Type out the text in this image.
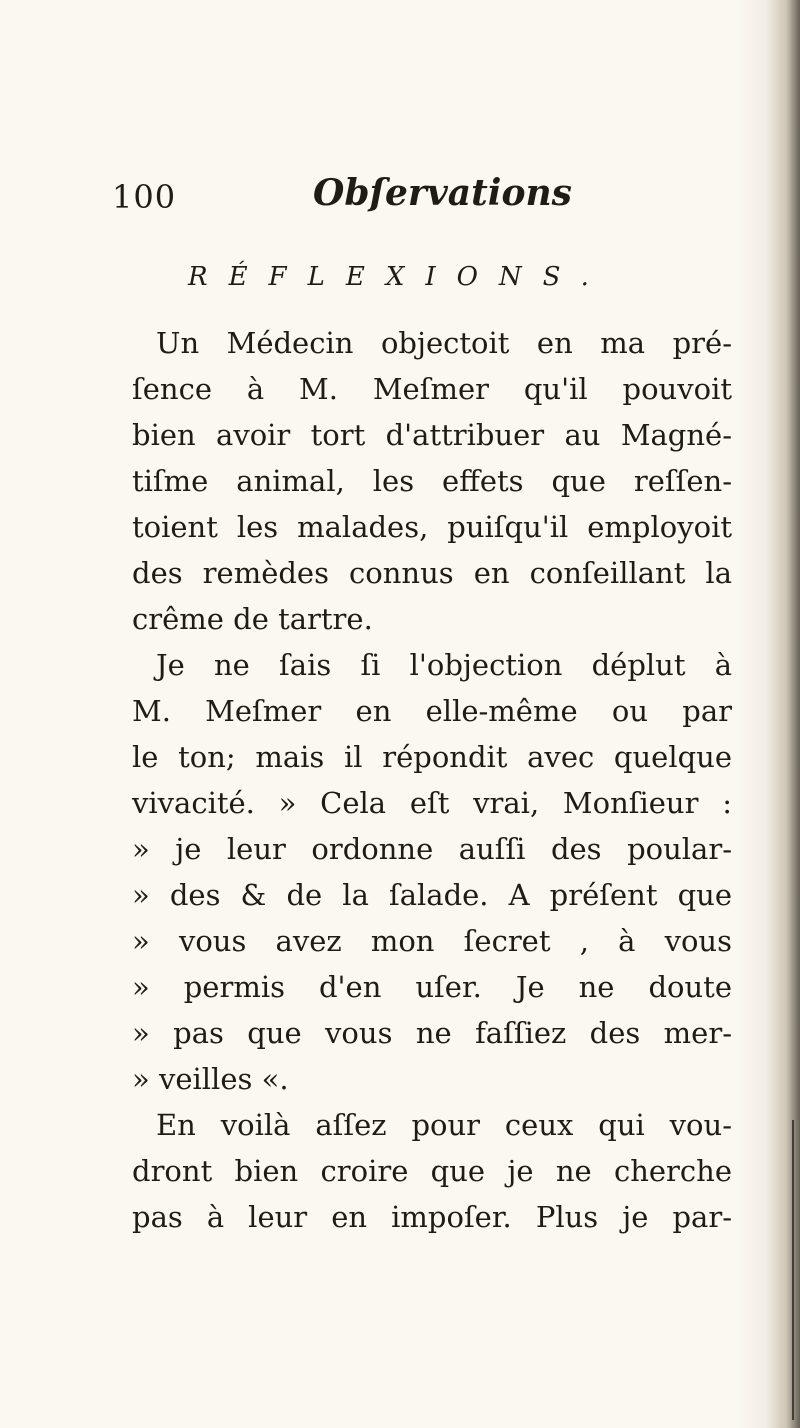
100	Obſervations
RÉFLEXIONS.
Un Médecin objectoit en ma pré-
ſence à M. Meſmer qu'il pouvoit
bien avoir tort d'attribuer au Magné-
tiſme animal, les effets que reſſen-
toient les malades, puiſqu'il employoit
des remèdes connus en conſeillant la
crême de tartre.
Je ne ſais ſi l'objection déplut à
M. Meſmer en elle-même ou par
le ton; mais il répondit avec quelque
vivacité. » Cela eſt vrai, Monſieur :
» je leur ordonne auſſi des poular-
» des & de la ſalade. A préſent que
» vous avez mon ſecret , à vous
» permis d'en uſer. Je ne doute
» pas que vous ne faſſiez des mer-
» veilles «.
En voilà aſſez pour ceux qui vou-
dront bien croire que je ne cherche
pas à leur en impoſer. Plus je par-
